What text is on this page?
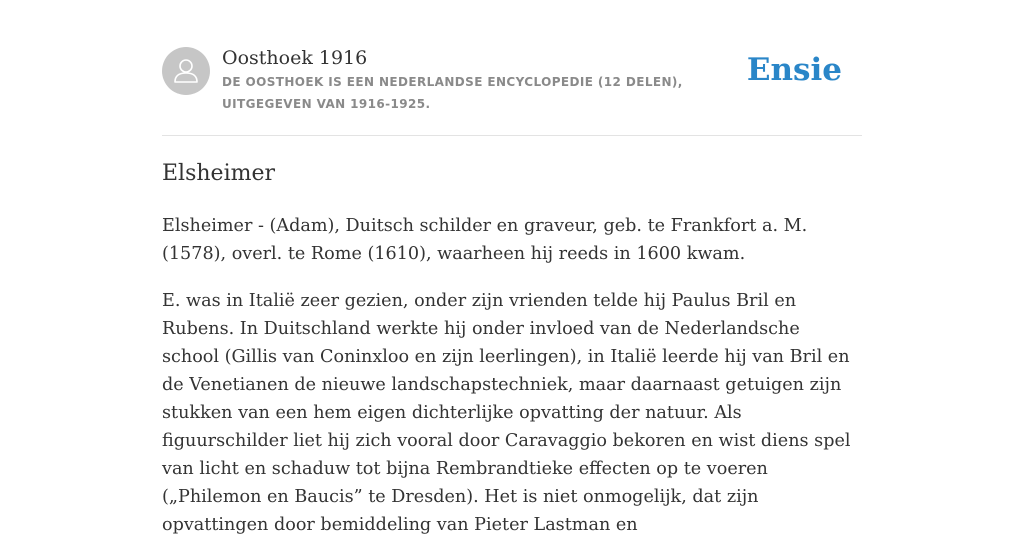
Oosthoek 1916
DE OOSTHOEK IS EEN NEDERLANDSE ENCYCLOPEDIE (12 DELEN), UITGEGEVEN VAN 1916-1925.
Ensie
Elsheimer

Elsheimer - (Adam), Duitsch schilder en graveur, geb. te Frankfort a. M. (1578), overl. te Rome (1610), waarheen hij reeds in 1600 kwam.

E. was in Italië zeer gezien, onder zijn vrienden telde hij Paulus Bril en Rubens. In Duitschland werkte hij onder invloed van de Nederlandsche school (Gillis van Coninxloo en zijn leerlingen), in Italië leerde hij van Bril en de Venetianen de nieuwe landschapstechniek, maar daarnaast getuigen zijn stukken van een hem eigen dichterlijke opvatting der natuur. Als figuurschilder liet hij zich vooral door Caravaggio bekoren en wist diens spel van licht en schaduw tot bijna Rembrandtieke effecten op te voeren („Philemon en Baucis” te Dresden). Het is niet onmogelijk, dat zijn opvattingen door bemiddeling van Pieter Lastman en
